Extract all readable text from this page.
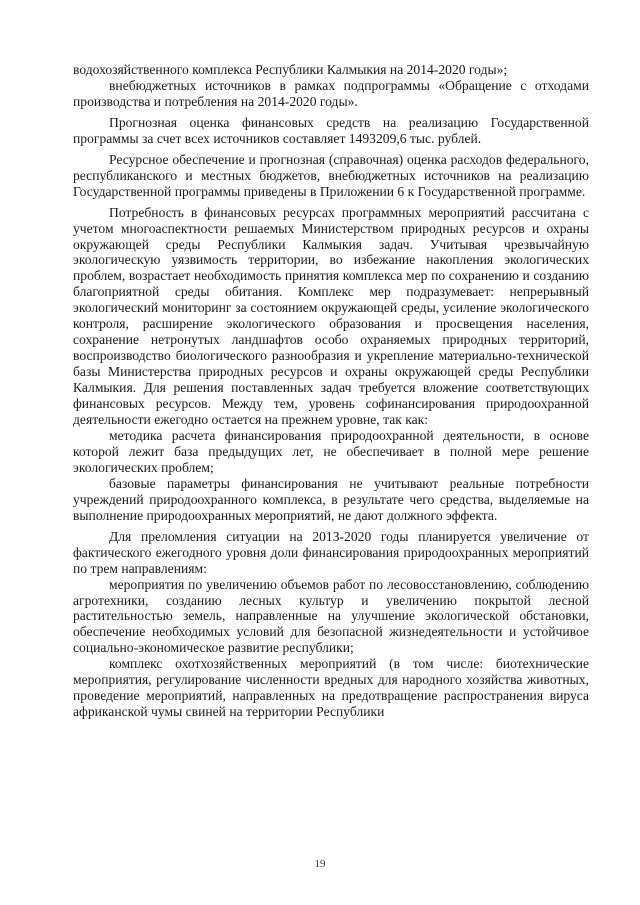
водохозяйственного комплекса Республики Калмыкия на 2014-2020 годы»;

внебюджетных источников в рамках подпрограммы «Обращение с отходами производства и потребления на 2014-2020 годы».

Прогнозная оценка финансовых средств на реализацию Государственной программы за счет всех источников составляет 1493209,6 тыс. рублей.

Ресурсное обеспечение и прогнозная (справочная) оценка расходов федерального, республиканского и местных бюджетов, внебюджетных источников на реализацию Государственной программы приведены в Приложении 6 к Государственной программе.

Потребность в финансовых ресурсах программных мероприятий рассчитана с учетом многоаспектности решаемых Министерством природных ресурсов и охраны окружающей среды Республики Калмыкия задач. Учитывая чрезвычайную экологическую уязвимость территории, во избежание накопления экологических проблем, возрастает необходимость принятия комплекса мер по сохранению и созданию благоприятной среды обитания. Комплекс мер подразумевает: непрерывный экологический мониторинг за состоянием окружающей среды, усиление экологического контроля, расширение экологического образования и просвещения населения, сохранение нетронутых ландшафтов особо охраняемых природных территорий, воспроизводство биологического разнообразия и укрепление материально-технической базы Министерства природных ресурсов и охраны окружающей среды Республики Калмыкия. Для решения поставленных задач требуется вложение соответствующих финансовых ресурсов. Между тем, уровень софинансирования природоохранной деятельности ежегодно остается на прежнем уровне, так как:

методика расчета финансирования природоохранной деятельности, в основе которой лежит база предыдущих лет, не обеспечивает в полной мере решение экологических проблем;

базовые параметры финансирования не учитывают реальные потребности учреждений природоохранного комплекса, в результате чего средства, выделяемые на выполнение природоохранных мероприятий, не дают должного эффекта.

Для преломления ситуации на 2013-2020 годы планируется увеличение от фактического ежегодного уровня доли финансирования природоохранных мероприятий по трем направлениям:

мероприятия по увеличению объемов работ по лесовосстановлению, соблюдению агротехники, созданию лесных культур и увеличению покрытой лесной растительностью земель, направленные на улучшение экологической обстановки, обеспечение необходимых условий для безопасной жизнедеятельности и устойчивое социально-экономическое развитие республики;

комплекс охотхозяйственных мероприятий (в том числе: биотехнические мероприятия, регулирование численности вредных для народного хозяйства животных, проведение мероприятий, направленных на предотвращение распространения вируса африканской чумы свиней на территории Республики

19
